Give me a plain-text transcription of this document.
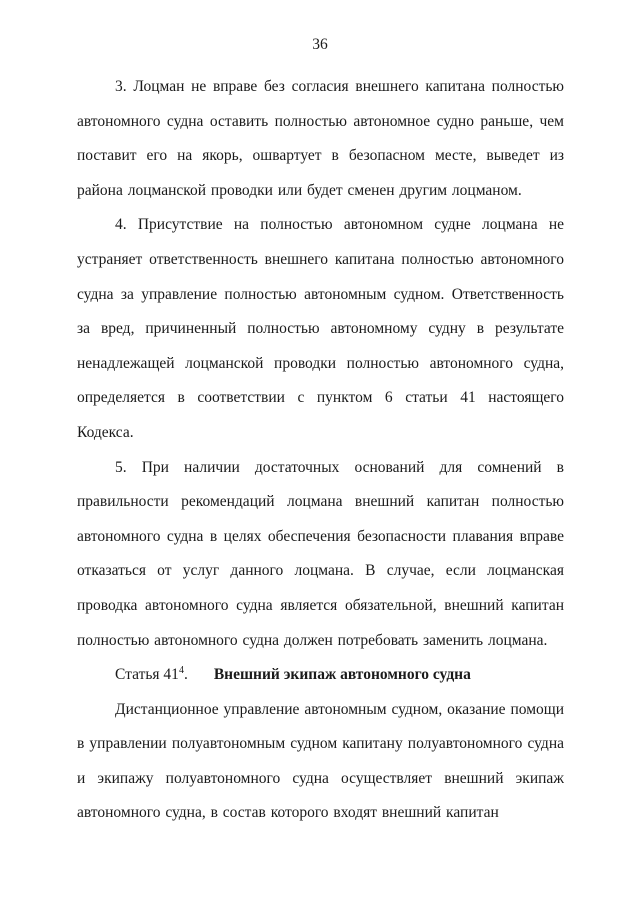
36

3. Лоцман не вправе без согласия внешнего капитана полностью автономного судна оставить полностью автономное судно раньше, чем поставит его на якорь, ошвартует в безопасном месте, выведет из района лоцманской проводки или будет сменен другим лоцманом.

4. Присутствие на полностью автономном судне лоцмана не устраняет ответственность внешнего капитана полностью автономного судна за управление полностью автономным судном. Ответственность за вред, причиненный полностью автономному судну в результате ненадлежащей лоцманской проводки полностью автономного судна, определяется в соответствии с пунктом 6 статьи 41 настоящего Кодекса.

5. При наличии достаточных оснований для сомнений в правильности рекомендаций лоцмана внешний капитан полностью автономного судна в целях обеспечения безопасности плавания вправе отказаться от услуг данного лоцмана. В случае, если лоцманская проводка автономного судна является обязательной, внешний капитан полностью автономного судна должен потребовать заменить лоцмана.

Статья $41^4$. Внешний экипаж автономного судна

Дистанционное управление автономным судном, оказание помощи в управлении полуавтономным судном капитану полуавтономного судна и экипажу полуавтономного судна осуществляет внешний экипаж автономного судна, в состав которого входят внешний капитан
